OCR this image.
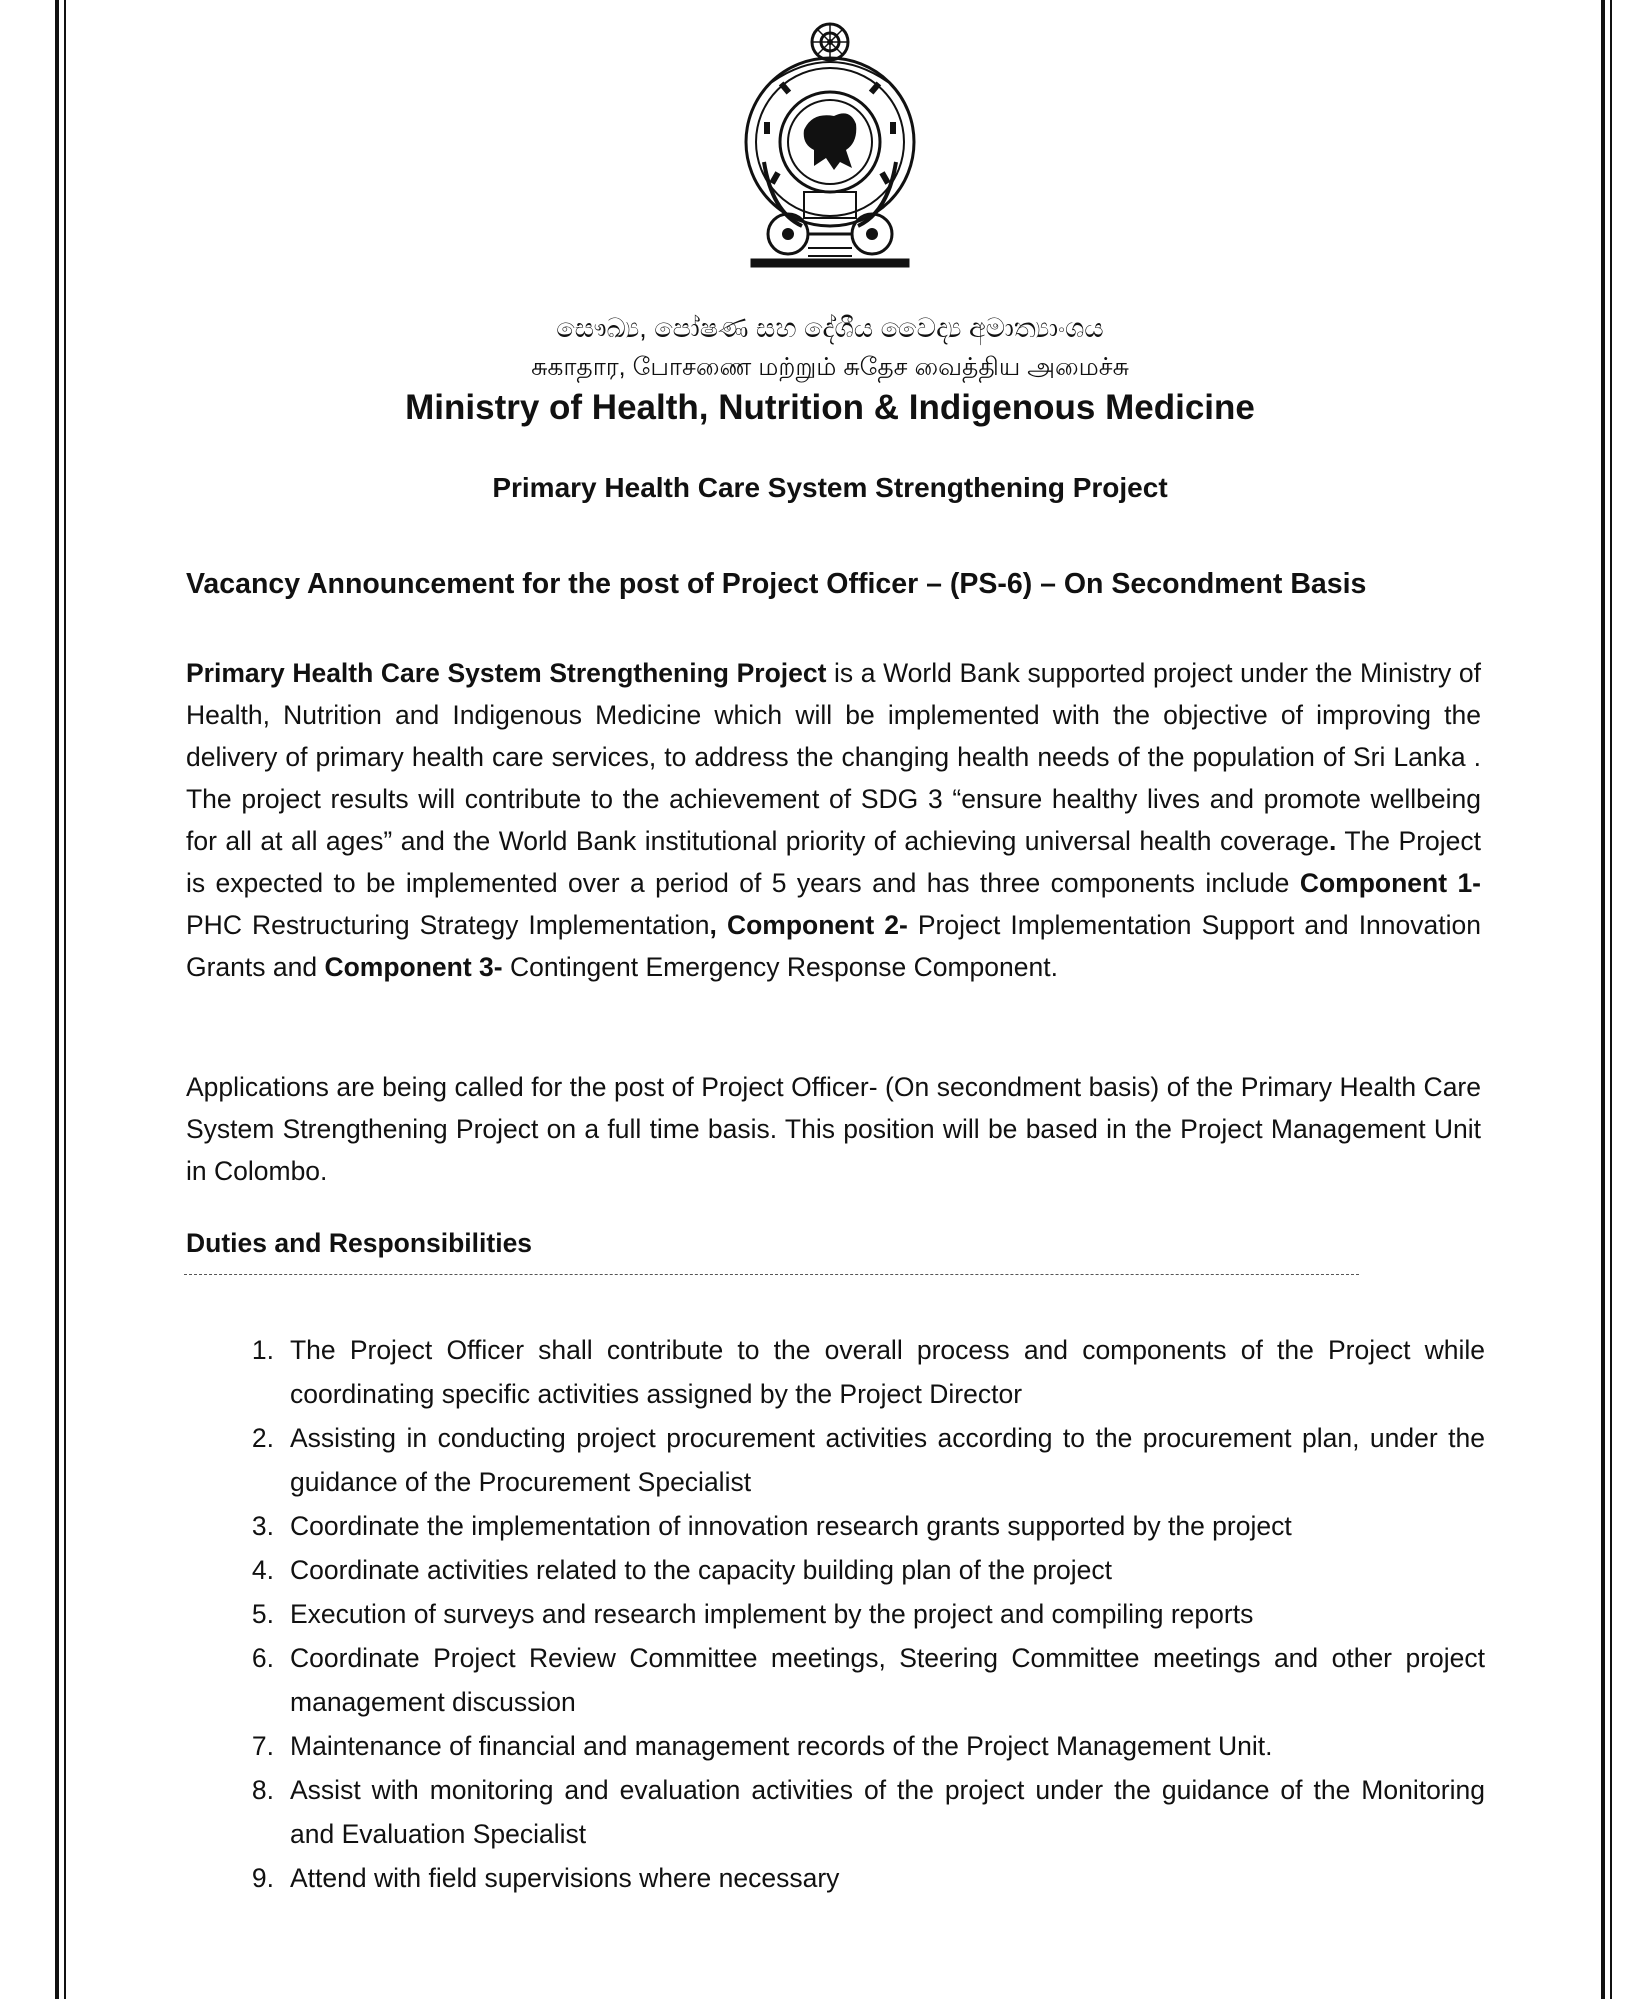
සෞඛ්‍ය, පෝෂණ සහ දේශීය වෛද්‍ය අමාත්‍යාංශය
சுகாதார, போசணை மற்றும் சுதேச வைத்திய அமைச்சு
Ministry of Health, Nutrition & Indigenous Medicine
Primary Health Care System Strengthening Project
Vacancy Announcement for the post of Project Officer – (PS-6) – On Secondment Basis
Primary Health Care System Strengthening Project is a World Bank supported project under the Ministry of Health, Nutrition and Indigenous Medicine which will be implemented with the objective of improving the delivery of primary health care services, to address the changing health needs of the population of Sri Lanka . The project results will contribute to the achievement of SDG 3 “ensure healthy lives and promote wellbeing for all at all ages” and the World Bank institutional priority of achieving universal health coverage. The Project is expected to be implemented over a period of 5 years and has three components include Component 1- PHC Restructuring Strategy Implementation, Component 2- Project Implementation Support and Innovation Grants and Component 3- Contingent Emergency Response Component.
Applications are being called for the post of Project Officer- (On secondment basis) of the Primary Health Care System Strengthening Project on a full time basis. This position will be based in the Project Management Unit in Colombo.
Duties and Responsibilities
1. The Project Officer shall contribute to the overall process and components of the Project while coordinating specific activities assigned by the Project Director
2. Assisting in conducting project procurement activities according to the procurement plan, under the guidance of the Procurement Specialist
3. Coordinate the implementation of innovation research grants supported by the project
4. Coordinate activities related to the capacity building plan of the project
5. Execution of surveys and research implement by the project and compiling reports
6. Coordinate Project Review Committee meetings, Steering Committee meetings and other project management discussion
7. Maintenance of financial and management records of the Project Management Unit.
8. Assist with monitoring and evaluation activities of the project under the guidance of the Monitoring and Evaluation Specialist
9. Attend with field supervisions where necessary
